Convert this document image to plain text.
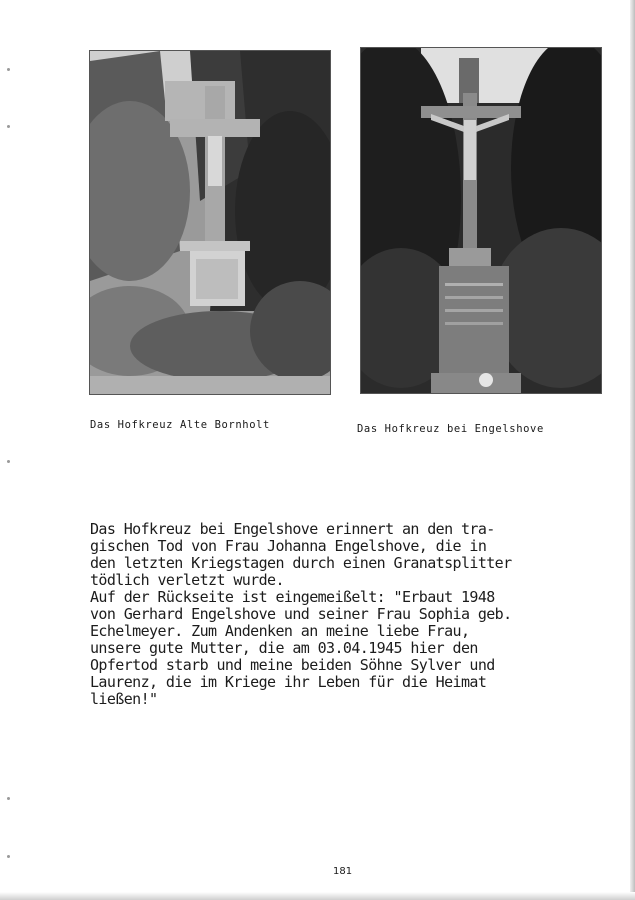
Das Hofkreuz Alte Bornholt	Das Hofkreuz bei Engelshove
Das Hofkreuz bei Engelshove erinnert an den tra-
gischen Tod von Frau Johanna Engelshove, die in
den letzten Kriegstagen durch einen Granatsplitter
tödlich verletzt wurde.
Auf der Rückseite ist eingemeißelt: "Erbaut 1948
von Gerhard Engelshove und seiner Frau Sophia geb.
Echelmeyer. Zum Andenken an meine liebe Frau,
unsere gute Mutter, die am 03.04.1945 hier den
Opfertod starb und meine beiden Söhne Sylver und
Laurenz, die im Kriege ihr Leben für die Heimat
ließen!"
181
